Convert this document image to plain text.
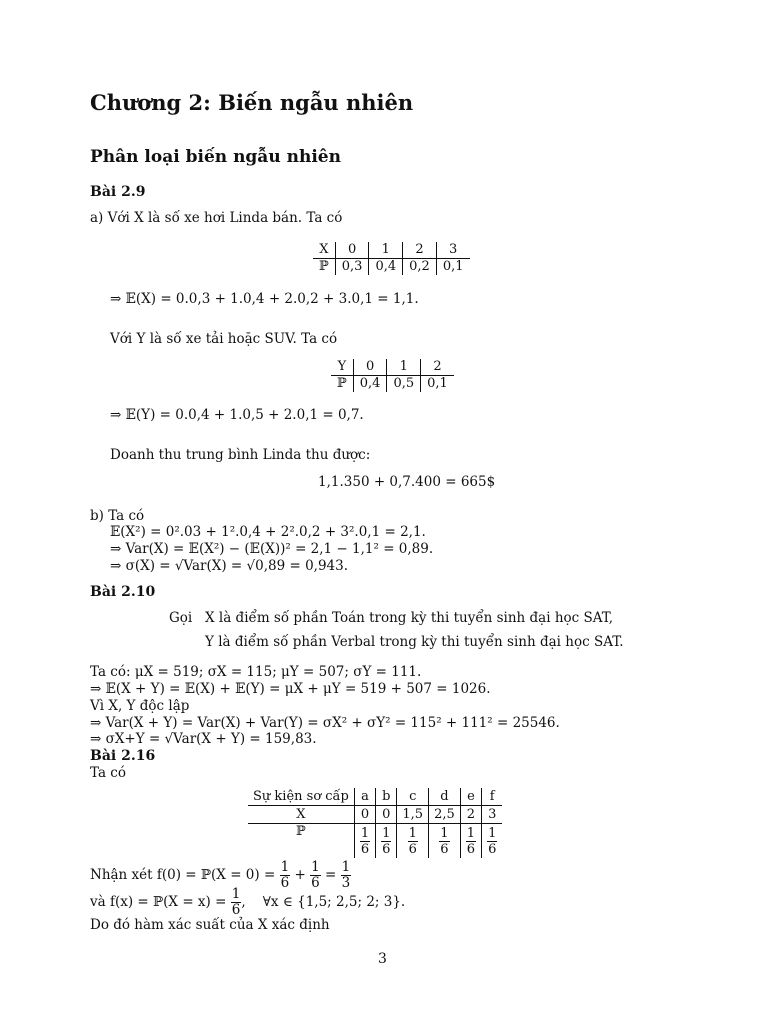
Chương 2: Biến ngẫu nhiên
Phân loại biến ngẫu nhiên
Bài 2.9
a) Với X là số xe hơi Linda bán. Ta có
X	0	1	2	3
ℙ	0,3	0,4	0,2	0,1
⇒ 𝔼(X) = 0.0,3 + 1.0,4 + 2.0,2 + 3.0,1 = 1,1.
Với Y là số xe tải hoặc SUV. Ta có
Y	0	1	2
ℙ	0,4	0,5	0,1
⇒ 𝔼(Y) = 0.0,4 + 1.0,5 + 2.0,1 = 0,7.
Doanh thu trung bình Linda thu được:
1,1.350 + 0,7.400 = 665$
b) Ta có
𝔼(X²) = 0².03 + 1².0,4 + 2².0,2 + 3².0,1 = 2,1.
⇒ Var(X) = 𝔼(X²) − (𝔼(X))² = 2,1 − 1,1² = 0,89.
⇒ σ(X) = √Var(X) = √0,89 = 0,943.
Bài 2.10
Gọi X là điểm số phần Toán trong kỳ thi tuyển sinh đại học SAT,
Y là điểm số phần Verbal trong kỳ thi tuyển sinh đại học SAT.
Ta có: μX = 519; σX = 115; μY = 507; σY = 111.
⇒ 𝔼(X + Y) = 𝔼(X) + 𝔼(Y) = μX + μY = 519 + 507 = 1026.
Vì X, Y độc lập
⇒ Var(X + Y) = Var(X) + Var(Y) = σX² + σY² = 115² + 111² = 25546.
⇒ σX+Y = √Var(X + Y) = 159,83.
Bài 2.16
Ta có
Sự kiện sơ cấp	a	b	c	d	e	f
X	0	0	1,5	2,5	2	3
ℙ	$\frac{1}{6}$	$\frac{1}{6}$	$\frac{1}{6}$	$\frac{1}{6}$	$\frac{1}{6}$	$\frac{1}{6}$
Nhận xét f(0) = ℙ(X = $0) = \frac{1}{6} + \frac{1}{6} = \frac{1}{3}$
và f(x) = ℙ(X = $x) = \frac{1}{6}$ ,    ∀x ∈ {1,5; 2,5; 2; 3}.
Do đó hàm xác suất của X xác định
3
